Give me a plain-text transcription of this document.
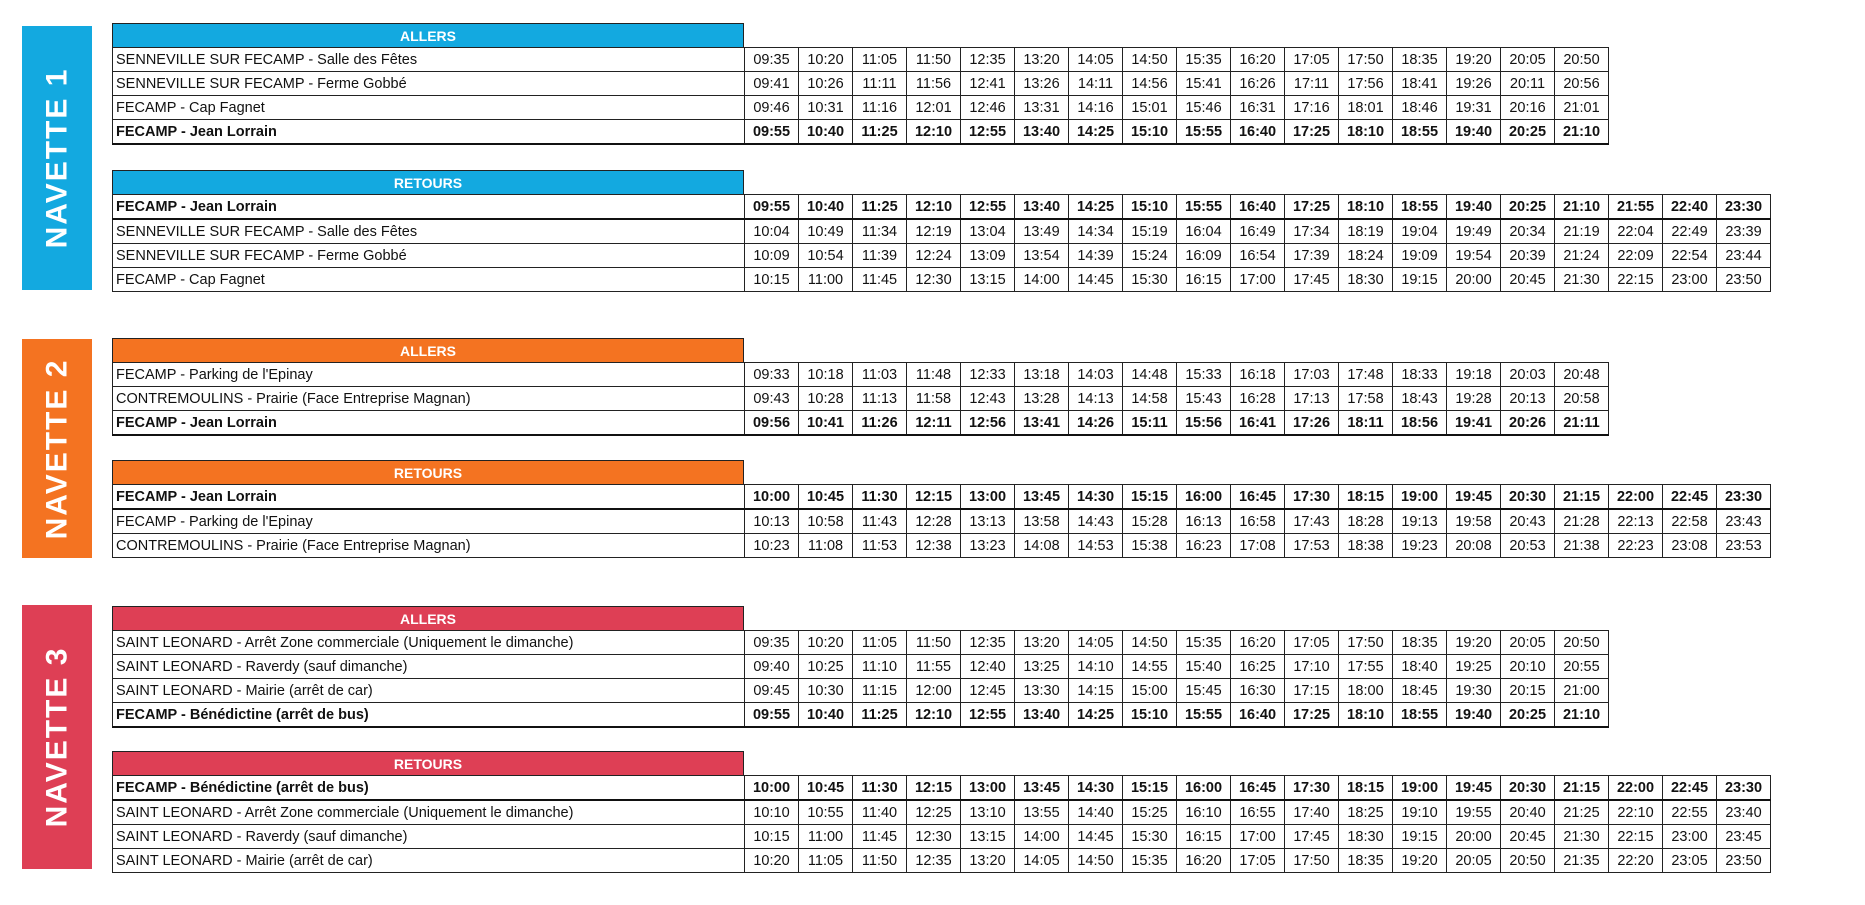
NAVETTE 1
ALLERS
SENNEVILLE SUR FECAMP - Salle des Fêtes	09:35	10:20	11:05	11:50	12:35	13:20	14:05	14:50	15:35	16:20	17:05	17:50	18:35	19:20	20:05	20:50
SENNEVILLE SUR FECAMP - Ferme Gobbé	09:41	10:26	11:11	11:56	12:41	13:26	14:11	14:56	15:41	16:26	17:11	17:56	18:41	19:26	20:11	20:56
FECAMP - Cap Fagnet	09:46	10:31	11:16	12:01	12:46	13:31	14:16	15:01	15:46	16:31	17:16	18:01	18:46	19:31	20:16	21:01
FECAMP - Jean Lorrain	09:55	10:40	11:25	12:10	12:55	13:40	14:25	15:10	15:55	16:40	17:25	18:10	18:55	19:40	20:25	21:10
RETOURS
FECAMP - Jean Lorrain	09:55	10:40	11:25	12:10	12:55	13:40	14:25	15:10	15:55	16:40	17:25	18:10	18:55	19:40	20:25	21:10	21:55	22:40	23:30
SENNEVILLE SUR FECAMP - Salle des Fêtes	10:04	10:49	11:34	12:19	13:04	13:49	14:34	15:19	16:04	16:49	17:34	18:19	19:04	19:49	20:34	21:19	22:04	22:49	23:39
SENNEVILLE SUR FECAMP - Ferme Gobbé	10:09	10:54	11:39	12:24	13:09	13:54	14:39	15:24	16:09	16:54	17:39	18:24	19:09	19:54	20:39	21:24	22:09	22:54	23:44
FECAMP - Cap Fagnet	10:15	11:00	11:45	12:30	13:15	14:00	14:45	15:30	16:15	17:00	17:45	18:30	19:15	20:00	20:45	21:30	22:15	23:00	23:50
NAVETTE 2
ALLERS
FECAMP - Parking de l'Epinay	09:33	10:18	11:03	11:48	12:33	13:18	14:03	14:48	15:33	16:18	17:03	17:48	18:33	19:18	20:03	20:48
CONTREMOULINS - Prairie (Face Entreprise Magnan)	09:43	10:28	11:13	11:58	12:43	13:28	14:13	14:58	15:43	16:28	17:13	17:58	18:43	19:28	20:13	20:58
FECAMP - Jean Lorrain	09:56	10:41	11:26	12:11	12:56	13:41	14:26	15:11	15:56	16:41	17:26	18:11	18:56	19:41	20:26	21:11
RETOURS
FECAMP - Jean Lorrain	10:00	10:45	11:30	12:15	13:00	13:45	14:30	15:15	16:00	16:45	17:30	18:15	19:00	19:45	20:30	21:15	22:00	22:45	23:30
FECAMP - Parking de l'Epinay	10:13	10:58	11:43	12:28	13:13	13:58	14:43	15:28	16:13	16:58	17:43	18:28	19:13	19:58	20:43	21:28	22:13	22:58	23:43
CONTREMOULINS - Prairie (Face Entreprise Magnan)	10:23	11:08	11:53	12:38	13:23	14:08	14:53	15:38	16:23	17:08	17:53	18:38	19:23	20:08	20:53	21:38	22:23	23:08	23:53
NAVETTE 3
ALLERS
SAINT LEONARD - Arrêt Zone commerciale (Uniquement le dimanche)	09:35	10:20	11:05	11:50	12:35	13:20	14:05	14:50	15:35	16:20	17:05	17:50	18:35	19:20	20:05	20:50
SAINT LEONARD - Raverdy (sauf dimanche)	09:40	10:25	11:10	11:55	12:40	13:25	14:10	14:55	15:40	16:25	17:10	17:55	18:40	19:25	20:10	20:55
SAINT LEONARD - Mairie (arrêt de car)	09:45	10:30	11:15	12:00	12:45	13:30	14:15	15:00	15:45	16:30	17:15	18:00	18:45	19:30	20:15	21:00
FECAMP - Bénédictine (arrêt de bus)	09:55	10:40	11:25	12:10	12:55	13:40	14:25	15:10	15:55	16:40	17:25	18:10	18:55	19:40	20:25	21:10
RETOURS
FECAMP - Bénédictine (arrêt de bus)	10:00	10:45	11:30	12:15	13:00	13:45	14:30	15:15	16:00	16:45	17:30	18:15	19:00	19:45	20:30	21:15	22:00	22:45	23:30
SAINT LEONARD - Arrêt Zone commerciale (Uniquement le dimanche)	10:10	10:55	11:40	12:25	13:10	13:55	14:40	15:25	16:10	16:55	17:40	18:25	19:10	19:55	20:40	21:25	22:10	22:55	23:40
SAINT LEONARD - Raverdy (sauf dimanche)	10:15	11:00	11:45	12:30	13:15	14:00	14:45	15:30	16:15	17:00	17:45	18:30	19:15	20:00	20:45	21:30	22:15	23:00	23:45
SAINT LEONARD - Mairie (arrêt de car)	10:20	11:05	11:50	12:35	13:20	14:05	14:50	15:35	16:20	17:05	17:50	18:35	19:20	20:05	20:50	21:35	22:20	23:05	23:50
